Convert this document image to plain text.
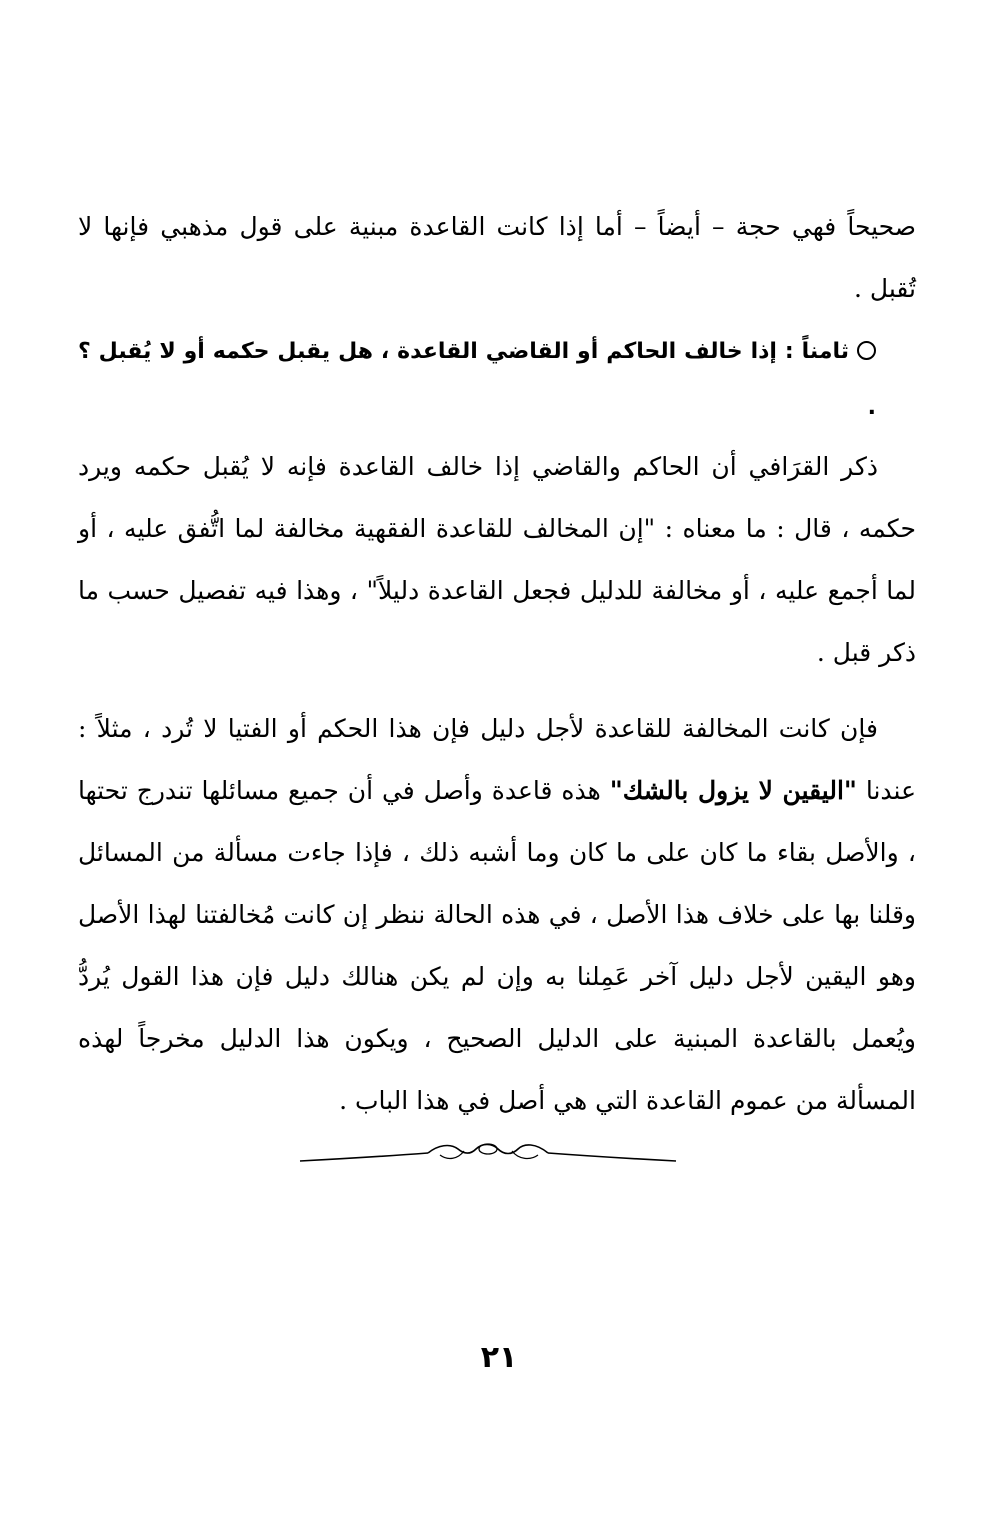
صحيحاً فهي حجة – أيضاً – أما إذا كانت القاعدة مبنية على قول مذهبي فإنها لا تُقبل .

ثامناً : إذا خالف الحاكم أو القاضي القاعدة ، هل يقبل حكمه أو لا يُقبل ؟ .

ذكر القرَافي أن الحاكم والقاضي إذا خالف القاعدة فإنه لا يُقبل حكمه ويرد حكمه ، قال : ما معناه : "إن المخالف للقاعدة الفقهية مخالفة لما اتُّفق عليه ، أو لما أجمع عليه ، أو مخالفة للدليل فجعل القاعدة دليلاً" ، وهذا فيه تفصيل حسب ما ذكر قبل .

فإن كانت المخالفة للقاعدة لأجل دليل فإن هذا الحكم أو الفتيا لا تُرد ، مثلاً : عندنا "اليقين لا يزول بالشك" هذه قاعدة وأصل في أن جميع مسائلها تندرج تحتها ، والأصل بقاء ما كان على ما كان وما أشبه ذلك ، فإذا جاءت مسألة من المسائل وقلنا بها على خلاف هذا الأصل ، في هذه الحالة ننظر إن كانت مُخالفتنا لهذا الأصل وهو اليقين لأجل دليل آخر عَمِلنا به وإن لم يكن هنالك دليل فإن هذا القول يُردُّ ويُعمل بالقاعدة المبنية على الدليل الصحيح ، ويكون هذا الدليل مخرجاً لهذه المسألة من عموم القاعدة التي هي أصل في هذا الباب .

٢١
